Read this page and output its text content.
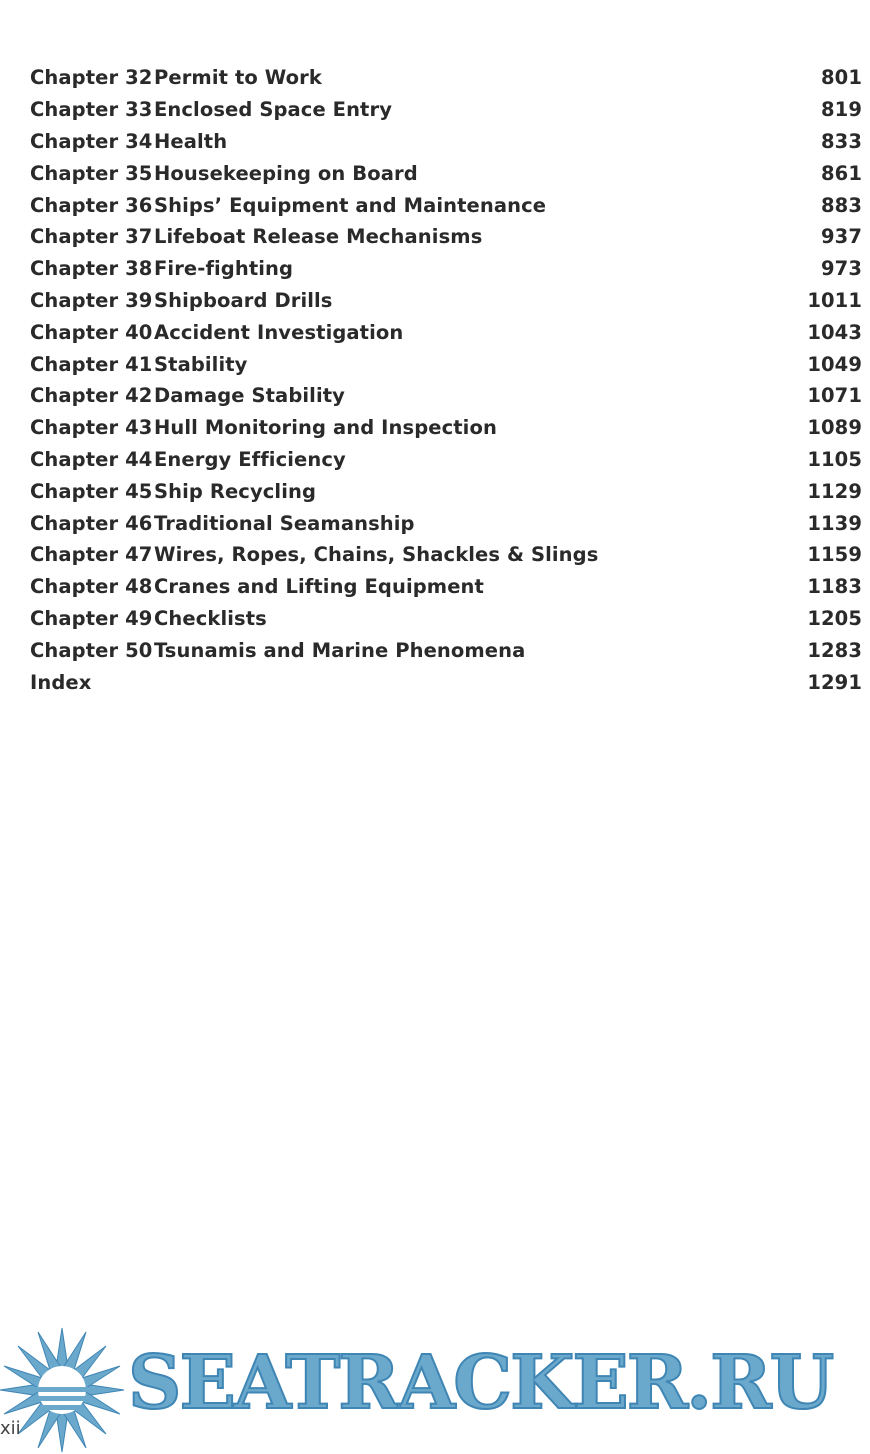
Chapter 32 Permit to Work	801
Chapter 33 Enclosed Space Entry	819
Chapter 34 Health	833
Chapter 35 Housekeeping on Board	861
Chapter 36 Ships’ Equipment and Maintenance	883
Chapter 37 Lifeboat Release Mechanisms	937
Chapter 38 Fire-fighting	973
Chapter 39 Shipboard Drills	1011
Chapter 40 Accident Investigation	1043
Chapter 41 Stability	1049
Chapter 42 Damage Stability	1071
Chapter 43 Hull Monitoring and Inspection	1089
Chapter 44 Energy Efficiency	1105
Chapter 45 Ship Recycling	1129
Chapter 46 Traditional Seamanship	1139
Chapter 47 Wires, Ropes, Chains, Shackles & Slings	1159
Chapter 48 Cranes and Lifting Equipment	1183
Chapter 49 Checklists	1205
Chapter 50 Tsunamis and Marine Phenomena	1283
Index	1291
SEATRACKER.RU
xii
